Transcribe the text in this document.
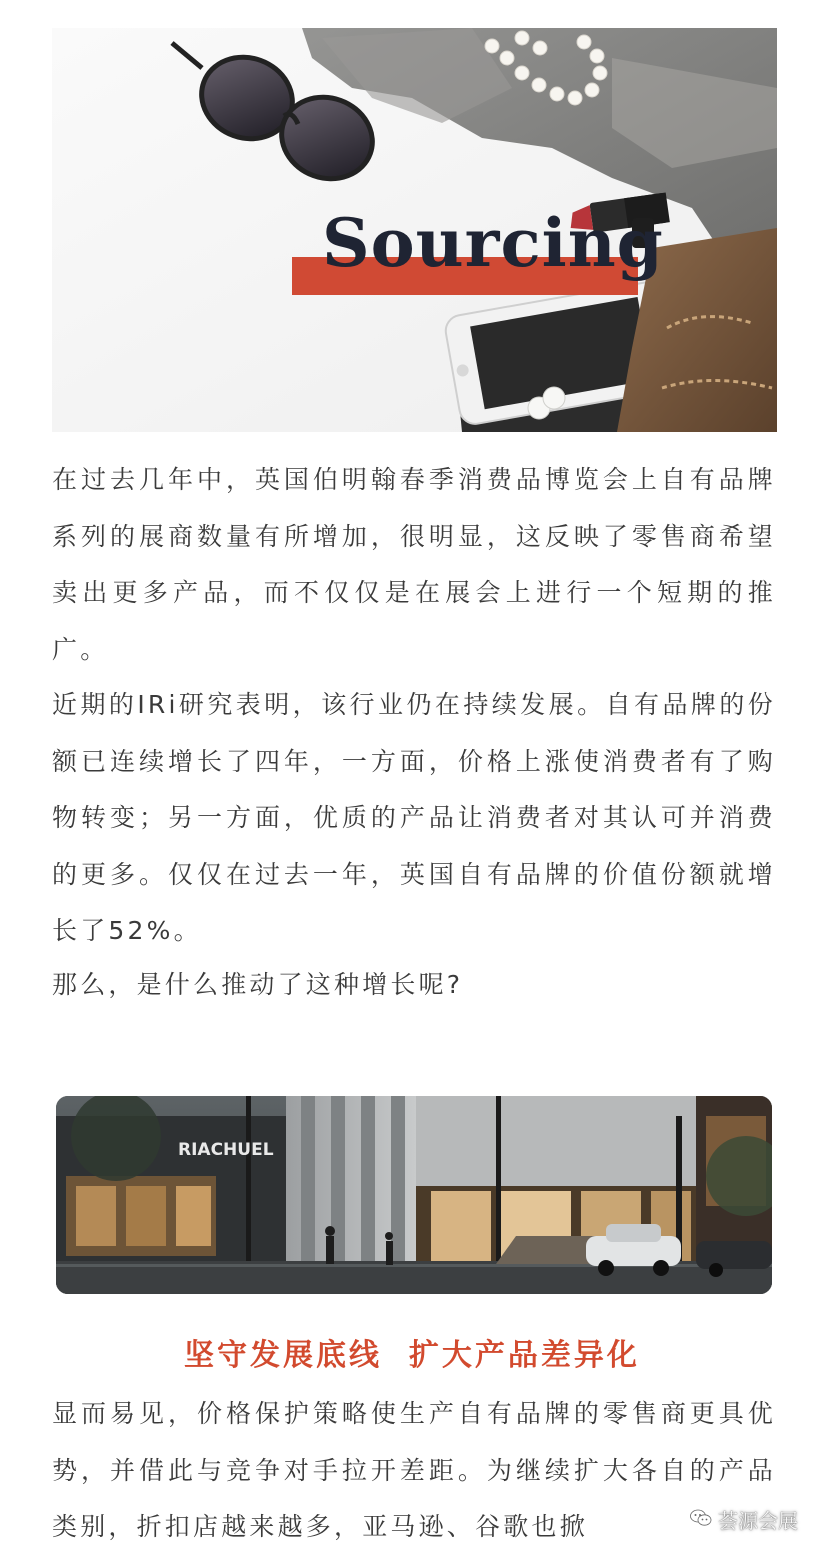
Sourcing

在过去几年中，英国伯明翰春季消费品博览会上自有品牌系列的展商数量有所增加，很明显，这反映了零售商希望卖出更多产品，而不仅仅是在展会上进行一个短期的推广。

近期的IRi研究表明，该行业仍在持续发展。自有品牌的份额已连续增长了四年，一方面，价格上涨使消费者有了购物转变；另一方面，优质的产品让消费者对其认可并消费的更多。仅仅在过去一年，英国自有品牌的价值份额就增长了52%。

那么，是什么推动了这种增长呢?

RIACHUEL
坚守发展底线  扩大产品差异化

显而易见，价格保护策略使生产自有品牌的零售商更具优势，并借此与竞争对手拉开差距。为继续扩大各自的产品类别，折扣店越来越多，亚马逊、谷歌也掀	荟源会展
